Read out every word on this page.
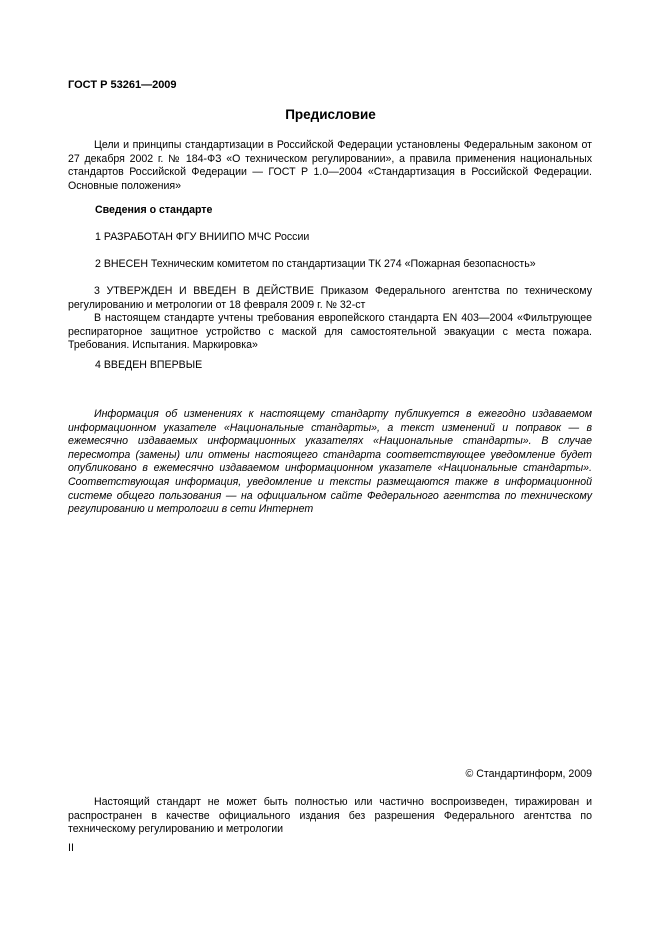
ГОСТ Р 53261—2009
Предисловие
Цели и принципы стандартизации в Российской Федерации установлены Федеральным законом от 27 декабря 2002 г. № 184-ФЗ «О техническом регулировании», а правила применения национальных стандартов Российской Федерации — ГОСТ Р 1.0—2004 «Стандартизация в Российской Федерации. Основные положения»
Сведения о стандарте
1 РАЗРАБОТАН ФГУ ВНИИПО МЧС России
2 ВНЕСЕН Техническим комитетом по стандартизации ТК 274 «Пожарная безопасность»
3 УТВЕРЖДЕН И ВВЕДЕН В ДЕЙСТВИЕ Приказом Федерального агентства по техническому регулированию и метрологии от 18 февраля 2009 г. № 32-ст
В настоящем стандарте учтены требования европейского стандарта EN 403—2004 «Фильтрующее респираторное защитное устройство с маской для самостоятельной эвакуации с места пожара. Требования. Испытания. Маркировка»
4 ВВЕДЕН ВПЕРВЫЕ
Информация об изменениях к настоящему стандарту публикуется в ежегодно издаваемом информационном указателе «Национальные стандарты», а текст изменений и поправок — в ежемесячно издаваемых информационных указателях «Национальные стандарты». В случае пересмотра (замены) или отмены настоящего стандарта соответствующее уведомление будет опубликовано в ежемесячно издаваемом информационном указателе «Национальные стандарты». Соответствующая информация, уведомление и тексты размещаются также в информационной системе общего пользования — на официальном сайте Федерального агентства по техническому регулированию и метрологии в сети Интернет
© Стандартинформ, 2009
Настоящий стандарт не может быть полностью или частично воспроизведен, тиражирован и распространен в качестве официального издания без разрешения Федерального агентства по техническому регулированию и метрологии
II
